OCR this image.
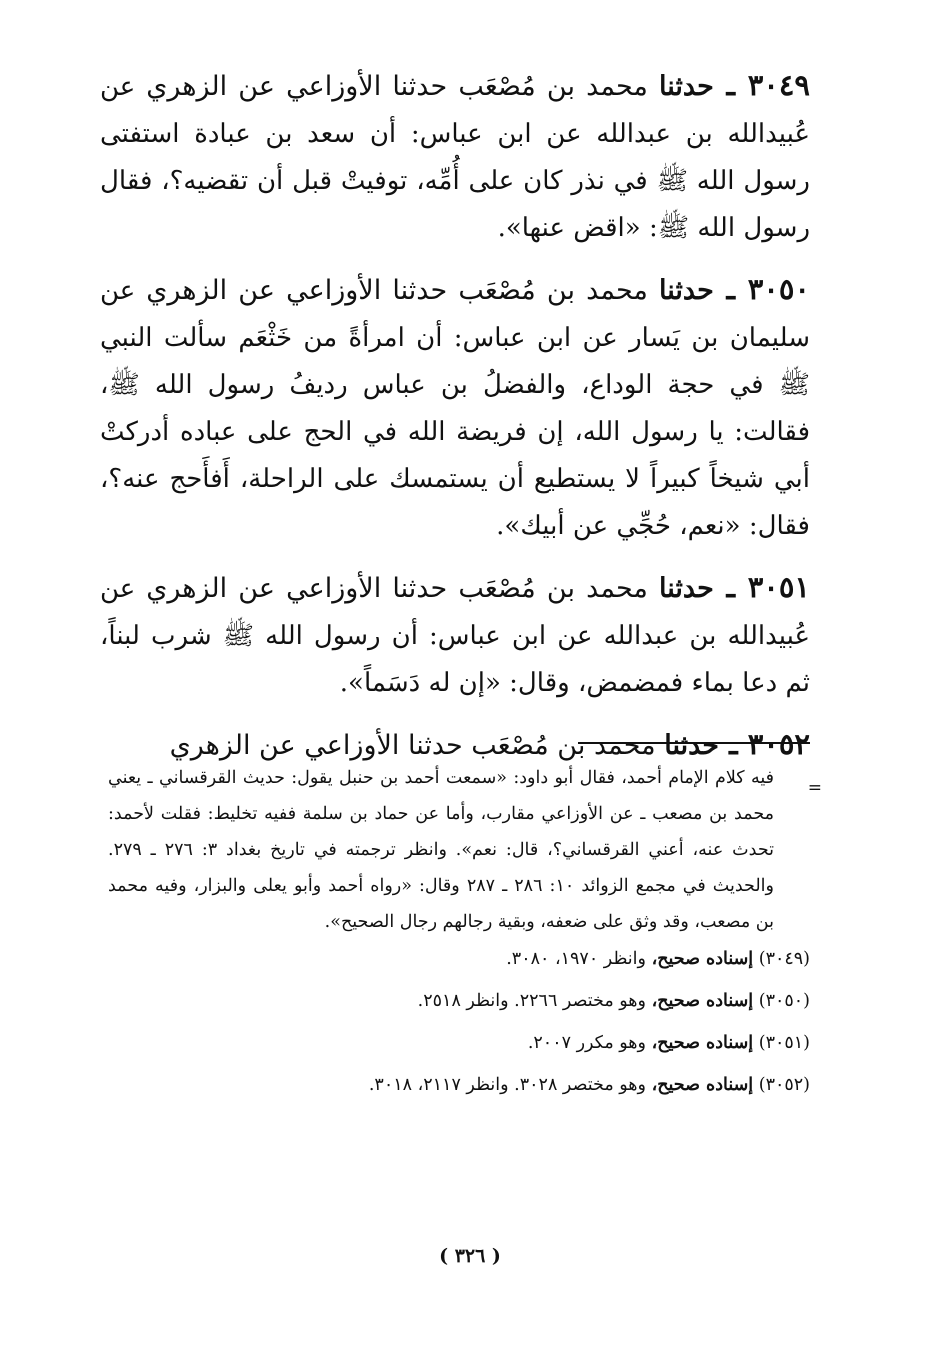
٣٠٤٩ ـ حدثنا محمد بن مُصْعَب حدثنا الأوزاعي عن الزهري عن عُبيدالله بن عبدالله عن ابن عباس: أن سعد بن عبادة استفتى رسول الله ﷺ في نذر كان على أُمِّه، توفيتْ قبل أن تقضيه؟، فقال رسول الله ﷺ: «اقض عنها».

٣٠٥٠ ـ حدثنا محمد بن مُصْعَب حدثنا الأوزاعي عن الزهري عن سليمان بن يَسار عن ابن عباس: أن امرأةً من خَثْعَم سألت النبي ﷺ في حجة الوداع، والفضلُ بن عباس رديفُ رسول الله ﷺ، فقالت: يا رسول الله، إن فريضة الله في الحج على عباده أدركتْ أبي شيخاً كبيراً لا يستطيع أن يستمسك على الراحلة، أَفأَحج عنه؟، فقال: «نعم، حُجِّي عن أبيك».

٣٠٥١ ـ حدثنا محمد بن مُصْعَب حدثنا الأوزاعي عن الزهري عن عُبيدالله بن عبدالله عن ابن عباس: أن رسول الله ﷺ شرب لبناً، ثم دعا بماء فمضمض، وقال: «إن له دَسَماً».

٣٠٥٢ ـ حدثنا محمد بن مُصْعَب حدثنا الأوزاعي عن الزهري

=

فيه كلام الإمام أحمد، فقال أبو داود: «سمعت أحمد بن حنبل يقول: حديث القرقساني ـ يعني محمد بن مصعب ـ عن الأوزاعي مقارب، وأما عن حماد بن سلمة ففيه تخليط: فقلت لأحمد: تحدث عنه، أعني القرقساني؟، قال: نعم». وانظر ترجمته في تاريخ بغداد ٣: ٢٧٦ ـ ٢٧٩. والحديث في مجمع الزوائد ١٠: ٢٨٦ ـ ٢٨٧ وقال: «رواه أحمد وأبو يعلى والبزار، وفيه محمد بن مصعب، وقد وثق على ضعفه، وبقية رجالهم رجال الصحيح».

(٣٠٤٩) إسناده صحيح، وانظر ١٩٧٠، ٣٠٨٠.

(٣٠٥٠) إسناده صحيح، وهو مختصر ٢٢٦٦. وانظر ٢٥١٨.

(٣٠٥١) إسناده صحيح، وهو مكرر ٢٠٠٧.

(٣٠٥٢) إسناده صحيح، وهو مختصر ٣٠٢٨. وانظر ٢١١٧، ٣٠١٨.

( ٣٢٦ )
